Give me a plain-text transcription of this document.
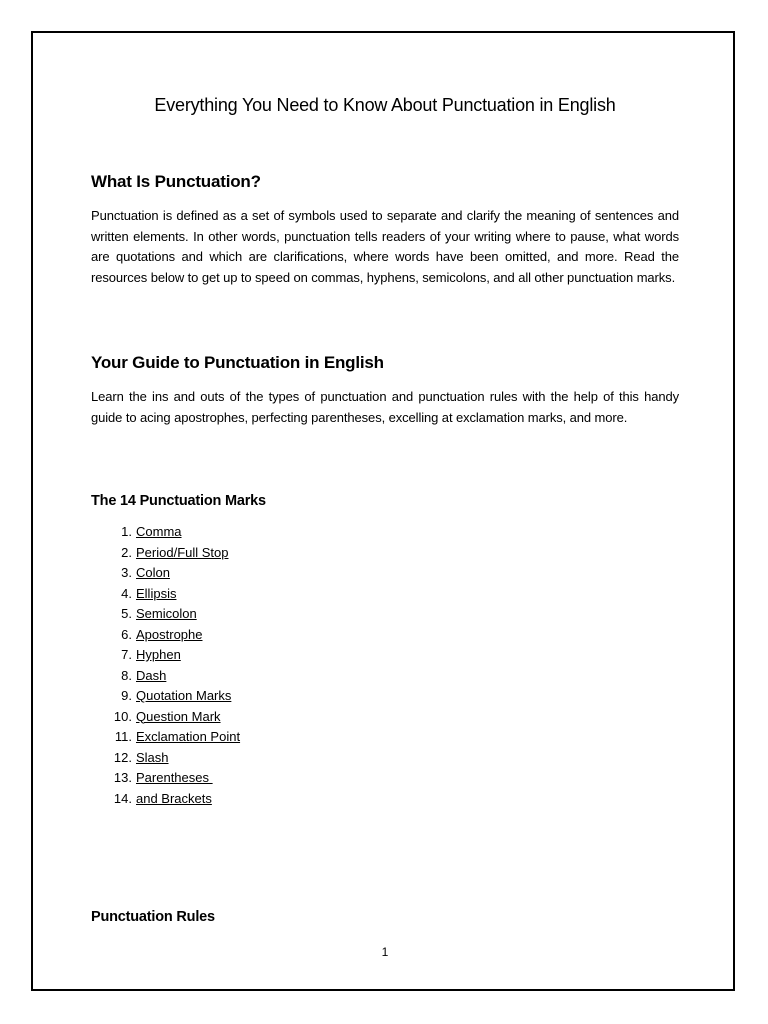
Everything You Need to Know About Punctuation in English
What Is Punctuation?

Punctuation is defined as a set of symbols used to separate and clarify the meaning of sentences and written elements. In other words, punctuation tells readers of your writing where to pause, what words are quotations and which are clarifications, where words have been omitted, and more. Read the resources below to get up to speed on commas, hyphens, semicolons, and all other punctuation marks.

Your Guide to Punctuation in English

Learn the ins and outs of the types of punctuation and punctuation rules with the help of this handy guide to acing apostrophes, perfecting parentheses, excelling at exclamation marks, and more.

The 14 Punctuation Marks
1. Comma
2. Period/Full Stop
3. Colon
4. Ellipsis
5. Semicolon
6. Apostrophe
7. Hyphen
8. Dash
9. Quotation Marks
10. Question Mark
11. Exclamation Point
12. Slash
13. Parentheses
14. and Brackets
Punctuation Rules

1
